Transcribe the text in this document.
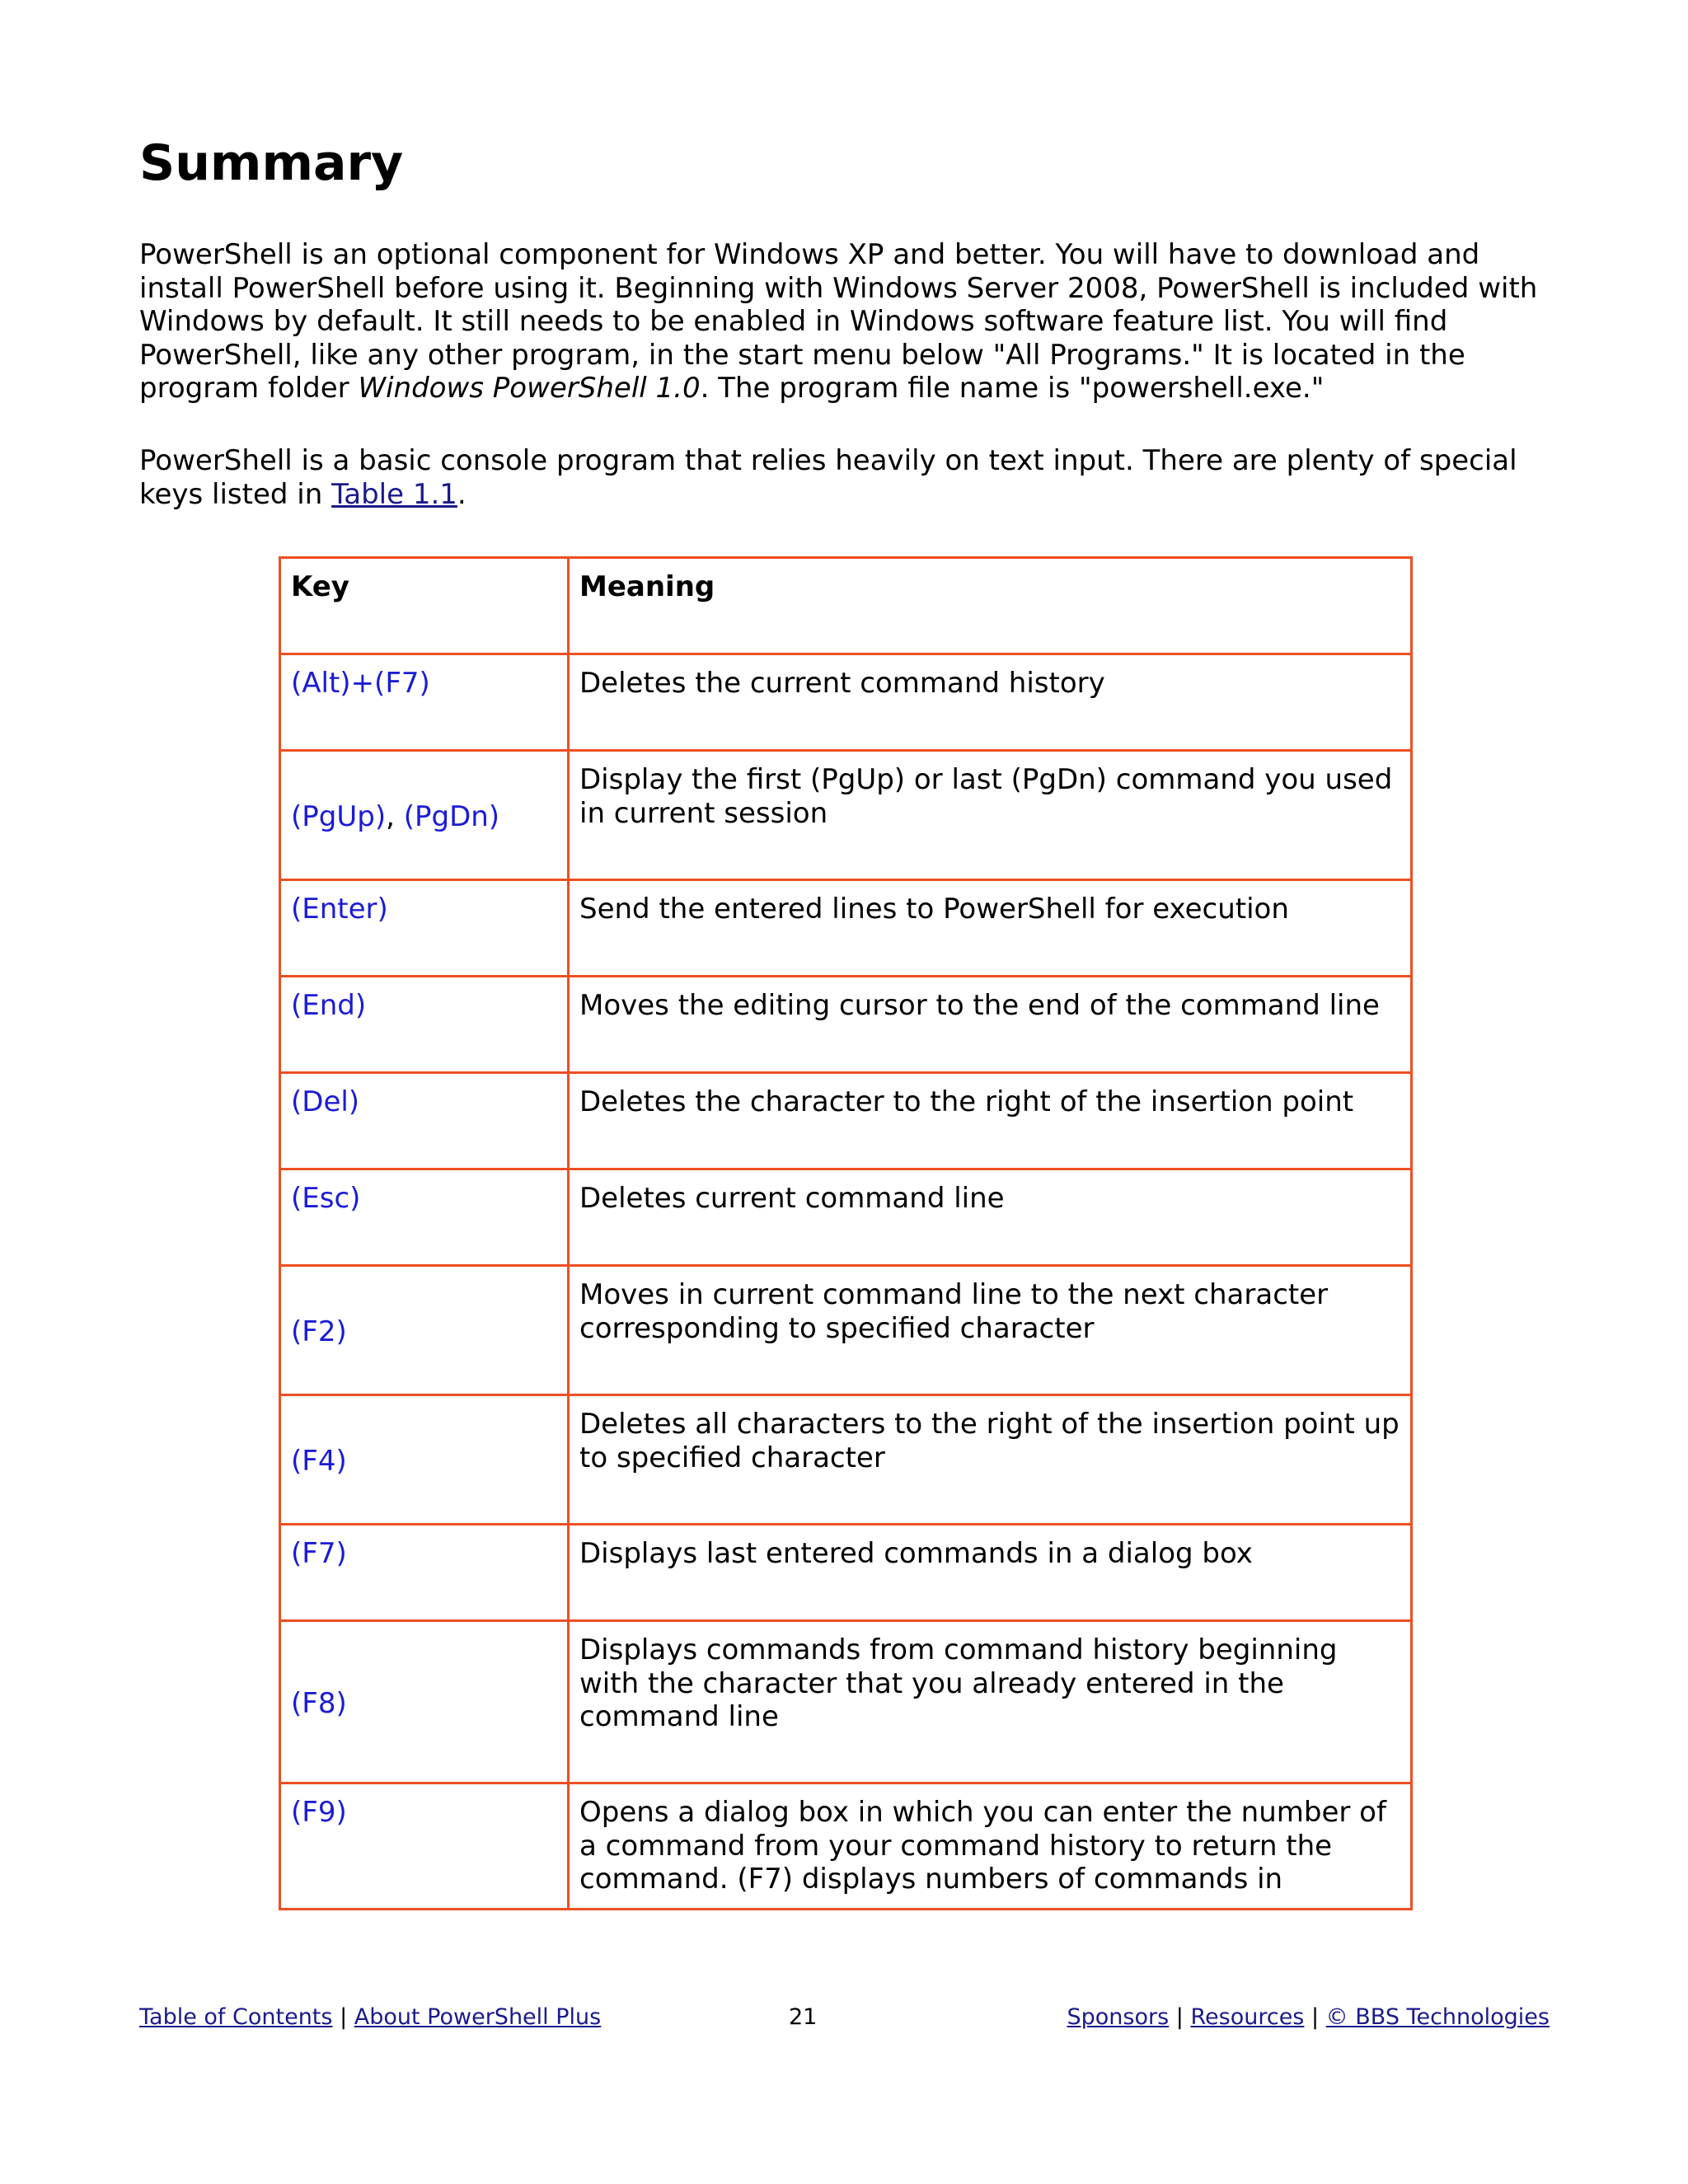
Summary

PowerShell is an optional component for Windows XP and better. You will have to download and install PowerShell before using it. Beginning with Windows Server 2008, PowerShell is included with Windows by default. It still needs to be enabled in Windows software feature list. You will find PowerShell, like any other program, in the start menu below "All Programs." It is located in the program folder Windows PowerShell 1.0. The program file name is "powershell.exe."

PowerShell is a basic console program that relies heavily on text input. There are plenty of special keys listed in Table 1.1.

Key	Meaning
(Alt)+(F7)	Deletes the current command history
(PgUp), (PgDn)	Display the first (PgUp) or last (PgDn) command you used in current session
(Enter)	Send the entered lines to PowerShell for execution
(End)	Moves the editing cursor to the end of the command line
(Del)	Deletes the character to the right of the insertion point
(Esc)	Deletes current command line
(F2)	Moves in current command line to the next character corresponding to specified character
(F4)	Deletes all characters to the right of the insertion point up to specified character
(F7)	Displays last entered commands in a dialog box
(F8)	Displays commands from command history beginning with the character that you already entered in the command line
(F9)	Opens a dialog box in which you can enter the number of a command from your command history to return the command. (F7) displays numbers of commands in
Table of Contents | About PowerShell Plus	21	Sponsors | Resources | © BBS Technologies
